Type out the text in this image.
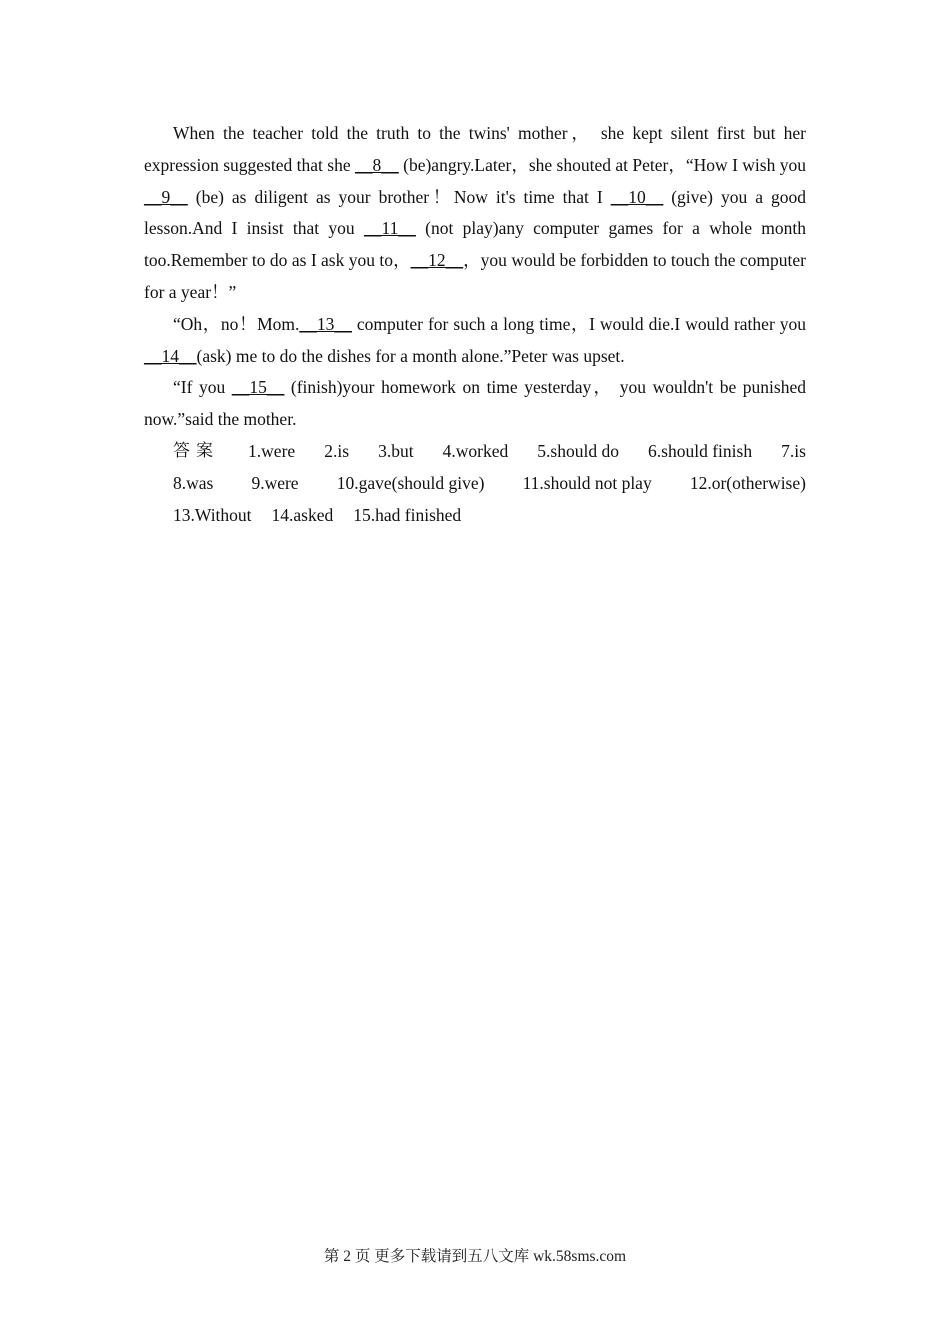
When the teacher told the truth to the twins' mother， she kept silent first but her expression suggested that she __8__ (be)angry.Later，she shouted at Peter，“How I wish you __9__ (be) as diligent as your brother！Now it's time that I __10__ (give) you a good lesson.And I insist that you __11__ (not play)any computer games for a whole month too.Remember to do as I ask you to，__12__，you would be forbidden to touch the computer for a year！”

“Oh，no！Mom.__13__ computer for such a long time，I would die.I would rather you __14__(ask) me to do the dishes for a month alone.”Peter was upset.

“If you __15__ (finish)your homework on time yesterday， you wouldn't be punished now.”said the mother.

答案 1.were 2.is 3.but 4.worked 5.should do 6.should finish 7.is
8.was 9.were 10.gave(should give) 11.should not play 12.or(otherwise)
13.Without 14.asked 15.had finished
第 2 页 更多下载请到五八文库 wk.58sms.com
